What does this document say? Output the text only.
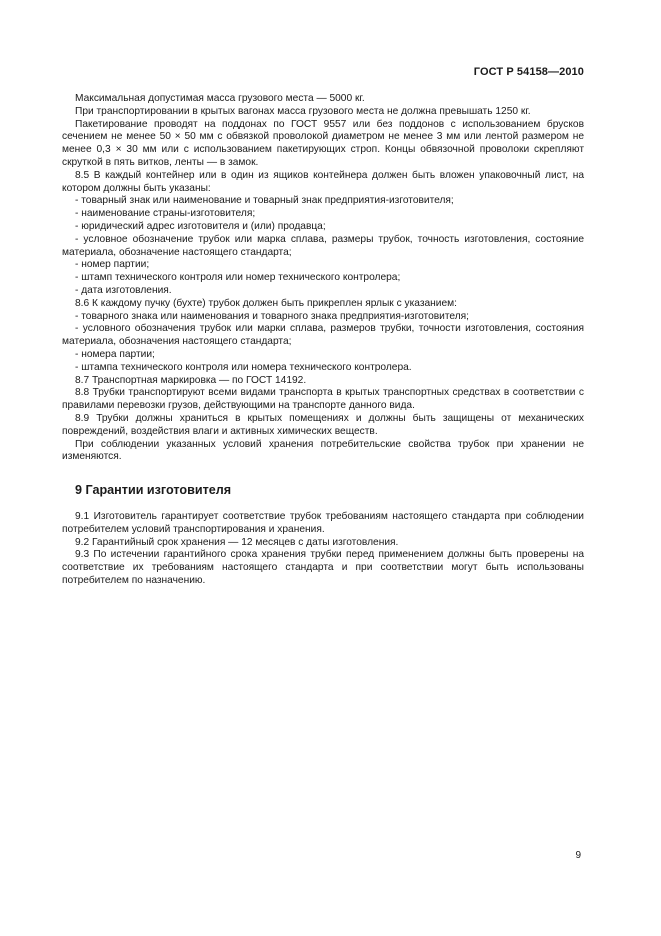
ГОСТ Р 54158—2010

Максимальная допустимая масса грузового места — 5000 кг.

При транспортировании в крытых вагонах масса грузового места не должна превышать 1250 кг.

Пакетирование проводят на поддонах по ГОСТ 9557 или без поддонов с использованием брусков сечением не менее 50 × 50 мм с обвязкой проволокой диаметром не менее 3 мм или лентой размером не менее 0,3 × 30 мм или с использованием пакетирующих строп. Концы обвязочной проволоки скрепляют скруткой в пять витков, ленты — в замок.

8.5 В каждый контейнер или в один из ящиков контейнера должен быть вложен упаковочный лист, на котором должны быть указаны:

- товарный знак или наименование и товарный знак предприятия-изготовителя;

- наименование страны-изготовителя;

- юридический адрес изготовителя и (или) продавца;

- условное обозначение трубок или марка сплава, размеры трубок, точность изготовления, состояние материала, обозначение настоящего стандарта;

- номер партии;

- штамп технического контроля или номер технического контролера;

- дата изготовления.

8.6 К каждому пучку (бухте) трубок должен быть прикреплен ярлык с указанием:

- товарного знака или наименования и товарного знака предприятия-изготовителя;

- условного обозначения трубок или марки сплава, размеров трубки, точности изготовления, состояния материала, обозначения настоящего стандарта;

- номера партии;

- штампа технического контроля или номера технического контролера.

8.7 Транспортная маркировка — по ГОСТ 14192.

8.8 Трубки транспортируют всеми видами транспорта в крытых транспортных средствах в соответствии с правилами перевозки грузов, действующими на транспорте данного вида.

8.9 Трубки должны храниться в крытых помещениях и должны быть защищены от механических повреждений, воздействия влаги и активных химических веществ.

При соблюдении указанных условий хранения потребительские свойства трубок при хранении не изменяются.

9 Гарантии изготовителя

9.1 Изготовитель гарантирует соответствие трубок требованиям настоящего стандарта при соблюдении потребителем условий транспортирования и хранения.

9.2 Гарантийный срок хранения — 12 месяцев с даты изготовления.

9.3 По истечении гарантийного срока хранения трубки перед применением должны быть проверены на соответствие их требованиям настоящего стандарта и при соответствии могут быть использованы потребителем по назначению.

9
